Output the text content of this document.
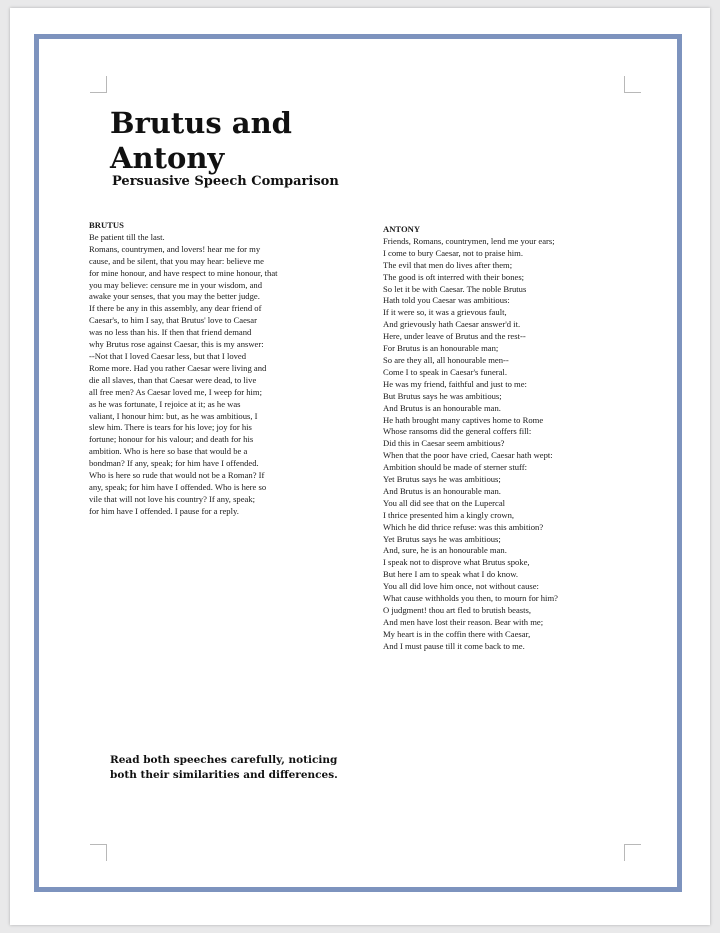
Brutus and
Antony
Persuasive Speech Comparison
BRUTUS
Be patient till the last.
Romans, countrymen, and lovers! hear me for my
cause, and be silent, that you may hear: believe me
for mine honour, and have respect to mine honour, that
you may believe: censure me in your wisdom, and
awake your senses, that you may the better judge.
If there be any in this assembly, any dear friend of
Caesar's, to him I say, that Brutus' love to Caesar
was no less than his. If then that friend demand
why Brutus rose against Caesar, this is my answer:
--Not that I loved Caesar less, but that I loved
Rome more. Had you rather Caesar were living and
die all slaves, than that Caesar were dead, to live
all free men? As Caesar loved me, I weep for him;
as he was fortunate, I rejoice at it; as he was
valiant, I honour him: but, as he was ambitious, I
slew him. There is tears for his love; joy for his
fortune; honour for his valour; and death for his
ambition. Who is here so base that would be a
bondman? If any, speak; for him have I offended.
Who is here so rude that would not be a Roman? If
any, speak; for him have I offended. Who is here so
vile that will not love his country? If any, speak;
for him have I offended. I pause for a reply.
ANTONY
Friends, Romans, countrymen, lend me your ears;
I come to bury Caesar, not to praise him.
The evil that men do lives after them;
The good is oft interred with their bones;
So let it be with Caesar. The noble Brutus
Hath told you Caesar was ambitious:
If it were so, it was a grievous fault,
And grievously hath Caesar answer'd it.
Here, under leave of Brutus and the rest--
For Brutus is an honourable man;
So are they all, all honourable men--
Come I to speak in Caesar's funeral.
He was my friend, faithful and just to me:
But Brutus says he was ambitious;
And Brutus is an honourable man.
He hath brought many captives home to Rome
Whose ransoms did the general coffers fill:
Did this in Caesar seem ambitious?
When that the poor have cried, Caesar hath wept:
Ambition should be made of sterner stuff:
Yet Brutus says he was ambitious;
And Brutus is an honourable man.
You all did see that on the Lupercal
I thrice presented him a kingly crown,
Which he did thrice refuse: was this ambition?
Yet Brutus says he was ambitious;
And, sure, he is an honourable man.
I speak not to disprove what Brutus spoke,
But here I am to speak what I do know.
You all did love him once, not without cause:
What cause withholds you then, to mourn for him?
O judgment! thou art fled to brutish beasts,
And men have lost their reason. Bear with me;
My heart is in the coffin there with Caesar,
And I must pause till it come back to me.
Read both speeches carefully, noticing
both their similarities and differences.
